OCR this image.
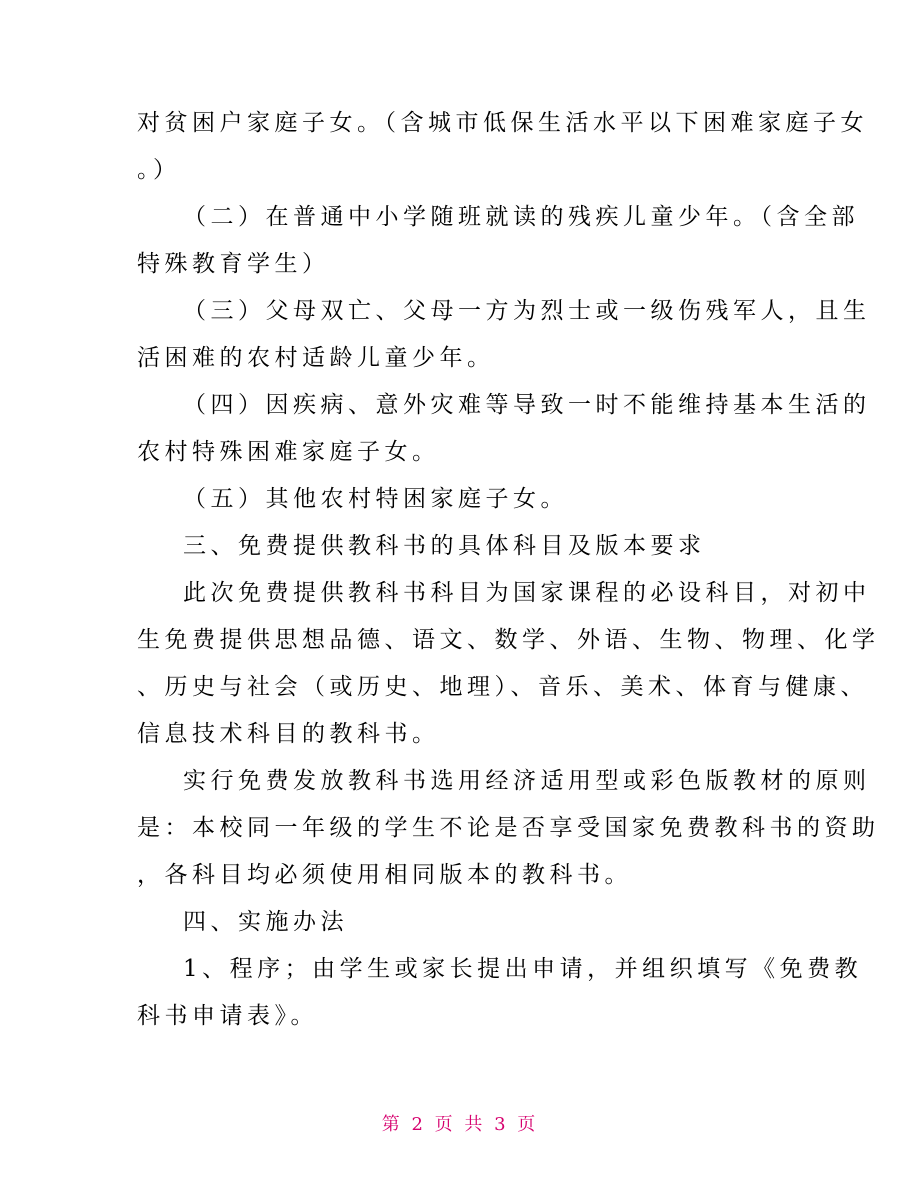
对贫困户家庭子女。（含城市低保生活水平以下困难家庭子女

。）

（二）在普通中小学随班就读的残疾儿童少年。（含全部

特殊教育学生）

（三）父母双亡、父母一方为烈士或一级伤残军人，且生

活困难的农村适龄儿童少年。

（四）因疾病、意外灾难等导致一时不能维持基本生活的

农村特殊困难家庭子女。

（五）其他农村特困家庭子女。

三、免费提供教科书的具体科目及版本要求

此次免费提供教科书科目为国家课程的必设科目，对初中

生免费提供思想品德、语文、数学、外语、生物、物理、化学

、历史与社会（或历史、地理）、音乐、美术、体育与健康、

信息技术科目的教科书。

实行免费发放教科书选用经济适用型或彩色版教材的原则

是：本校同一年级的学生不论是否享受国家免费教科书的资助

，各科目均必须使用相同版本的教科书。

四、实施办法

1、程序；由学生或家长提出申请，并组织填写《免费教

科书申请表》。

第 2 页 共 3 页
